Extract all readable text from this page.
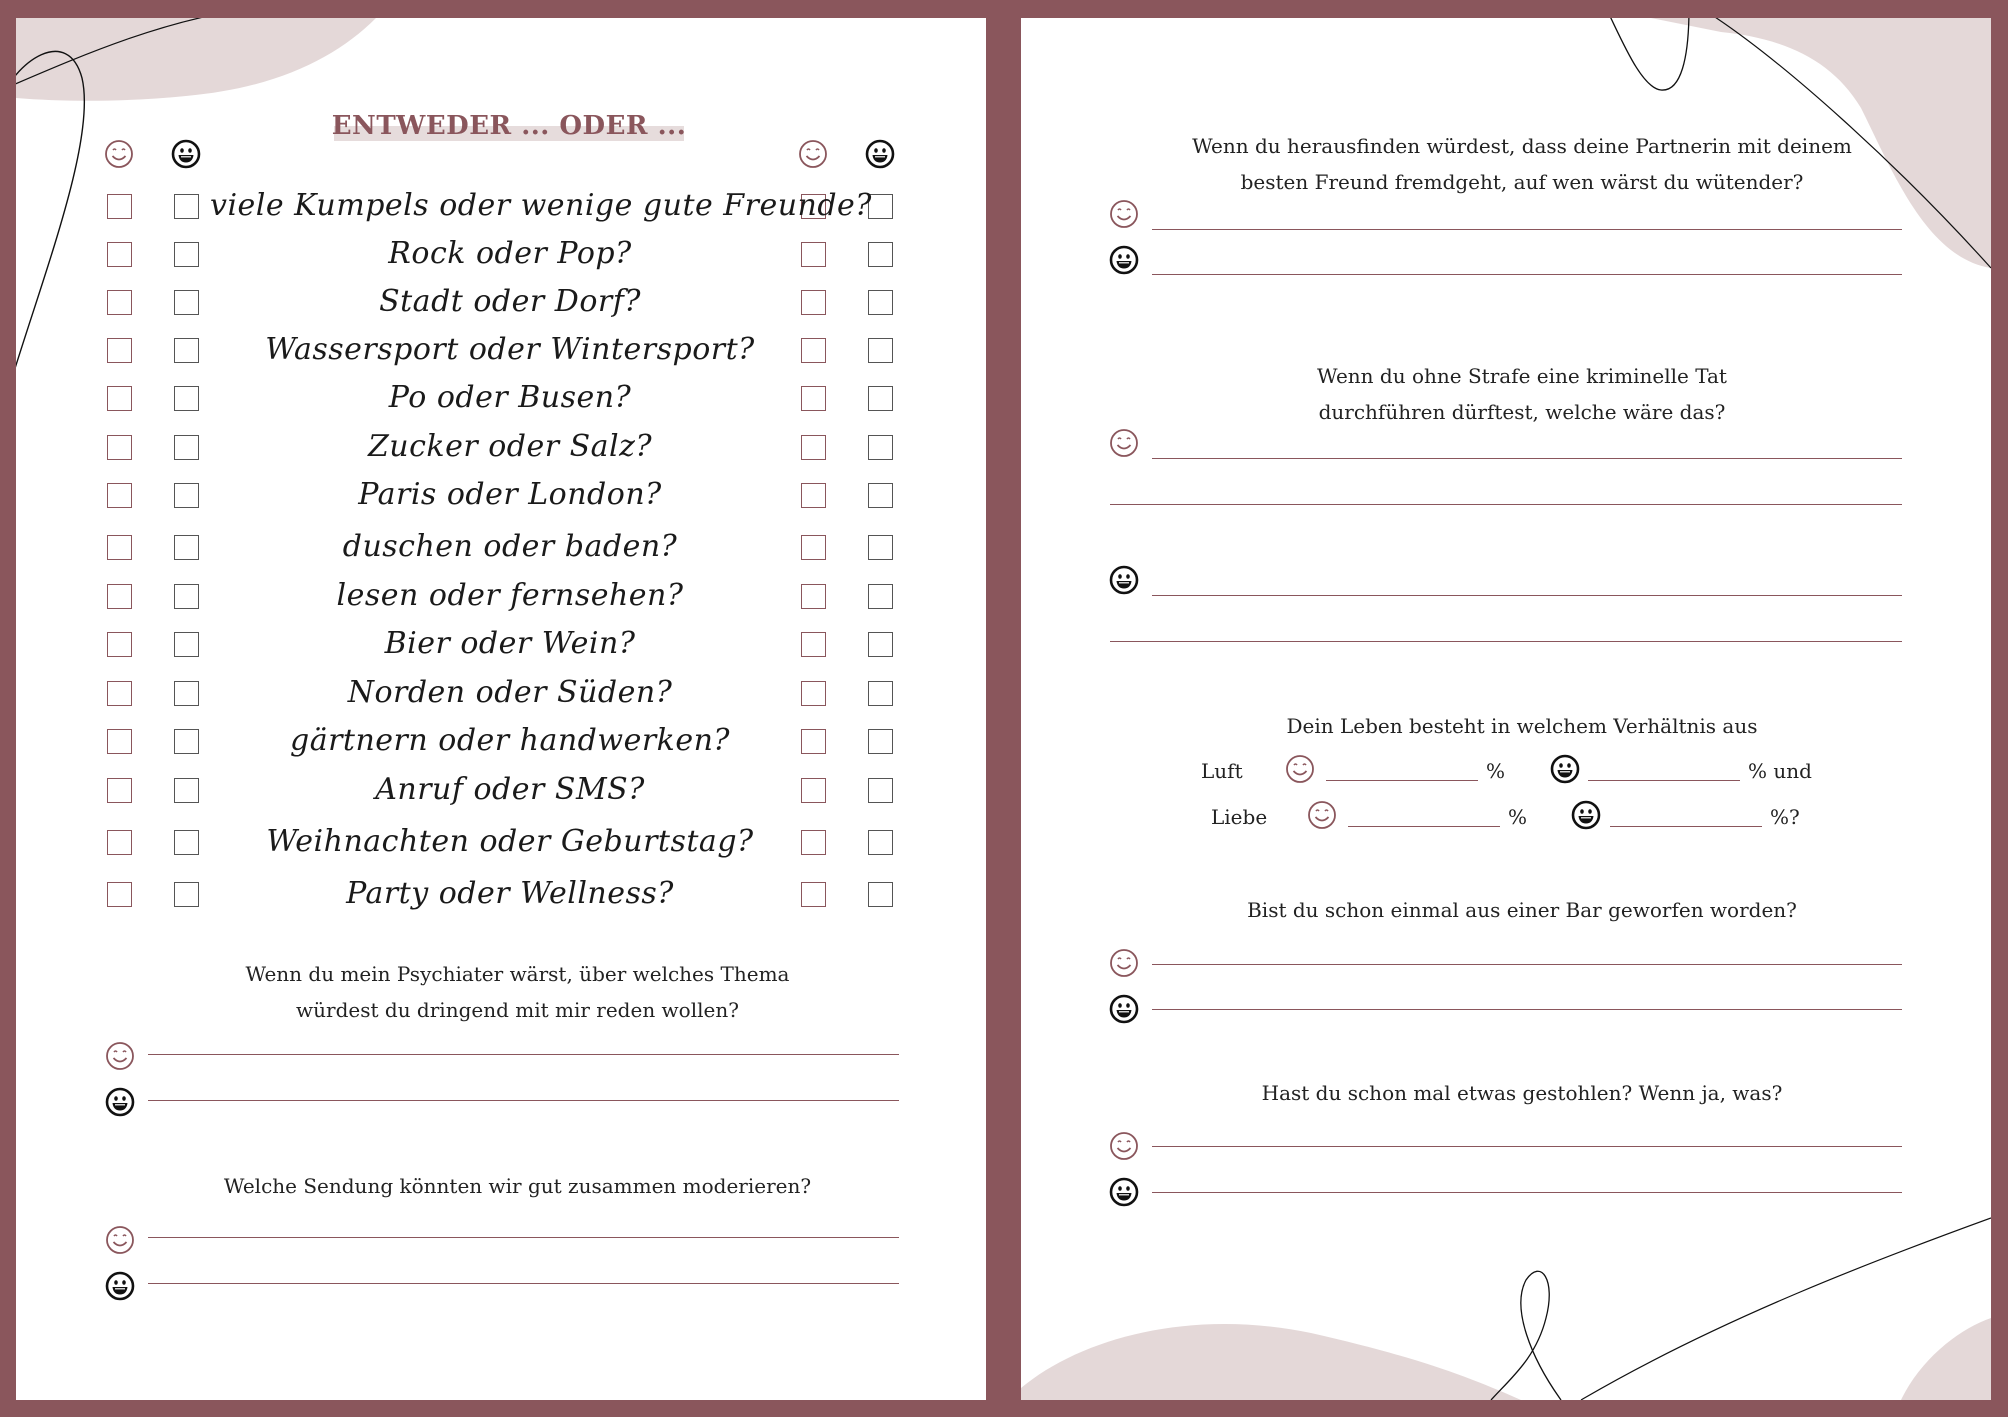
ENTWEDER ... ODER ...
viele Kumpels oder wenige gute Freunde?
Rock oder Pop?
Stadt oder Dorf?
Wassersport oder Wintersport?
Po oder Busen?
Zucker oder Salz?
Paris oder London?
duschen oder baden?
lesen oder fernsehen?
Bier oder Wein?
Norden oder Süden?
gärtnern oder handwerken?
Anruf oder SMS?
Weihnachten oder Geburtstag?
Party oder Wellness?
Wenn du mein Psychiater wärst, über welches Thema
würdest du dringend mit mir reden wollen?
Welche Sendung könnten wir gut zusammen moderieren?
Wenn du herausfinden würdest, dass deine Partnerin mit deinem
besten Freund fremdgeht, auf wen wärst du wütender?
Wenn du ohne Strafe eine kriminelle Tat
durchführen dürftest, welche wäre das?
Dein Leben besteht in welchem Verhältnis aus
Luft	%	% und
Liebe	%	%?
Bist du schon einmal aus einer Bar geworfen worden?
Hast du schon mal etwas gestohlen? Wenn ja, was?
